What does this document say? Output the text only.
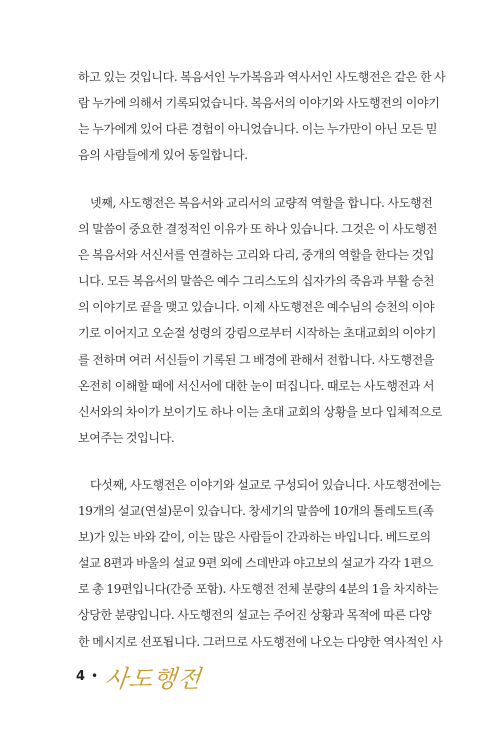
하고 있는 것입니다. 복음서인 누가복음과 역사서인 사도행전은 같은 한 사
람 누가에 의해서 기록되었습니다. 복음서의 이야기와 사도행전의 이야기
는 누가에게 있어 다른 경험이 아니었습니다. 이는 누가만이 아닌 모든 믿
음의 사람들에게 있어 동일합니다.
넷째, 사도행전은 복음서와 교리서의 교량적 역할을 합니다. 사도행전
의 말씀이 중요한 결정적인 이유가 또 하나 있습니다. 그것은 이 사도행전
은 복음서와 서신서를 연결하는 고리와 다리, 중개의 역할을 한다는 것입
니다. 모든 복음서의 말씀은 예수 그리스도의 십자가의 죽음과 부활 승천
의 이야기로 끝을 맺고 있습니다. 이제 사도행전은 예수님의 승천의 이야
기로 이어지고 오순절 성령의 강림으로부터 시작하는 초대교회의 이야기
를 전하며 여러 서신들이 기록된 그 배경에 관해서 전합니다. 사도행전을
온전히 이해할 때에 서신서에 대한 눈이 떠집니다. 때로는 사도행전과 서
신서와의 차이가 보이기도 하나 이는 초대 교회의 상황을 보다 입체적으로
보여주는 것입니다.
다섯째, 사도행전은 이야기와 설교로 구성되어 있습니다. 사도행전에는
19개의 설교(연설)문이 있습니다. 창세기의 말씀에 10개의 톨레도트(족
보)가 있는 바와 같이, 이는 많은 사람들이 간과하는 바입니다. 베드로의
설교 8편과 바울의 설교 9편 외에 스데반과 야고보의 설교가 각각 1편으
로 총 19편입니다(간증 포함). 사도행전 전체 분량의 4분의 1을 차지하는
상당한 분량입니다. 사도행전의 설교는 주어진 상황과 목적에 따른 다양
한 메시지로 선포됩니다. 그러므로 사도행전에 나오는 다양한 역사적인 사
4 • 사도행전
